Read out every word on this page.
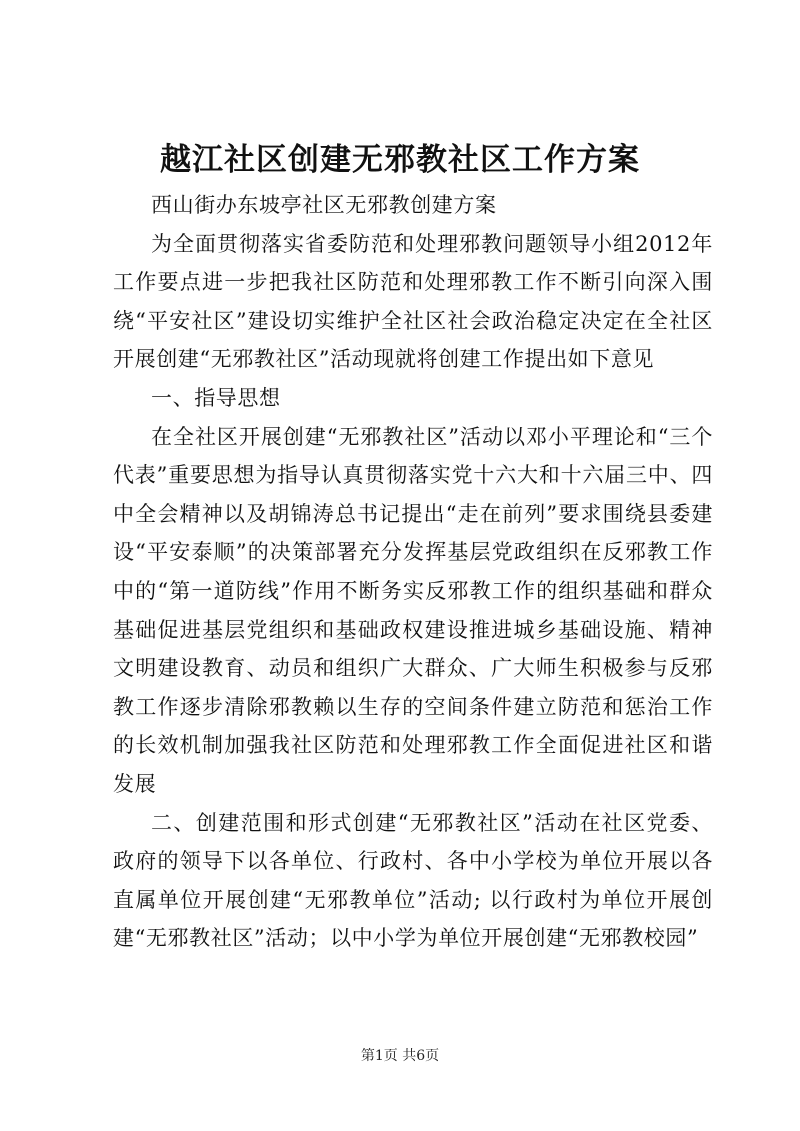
越江社区创建无邪教社区工作方案

西山街办东坡亭社区无邪教创建方案

为全面贯彻落实省委防范和处理邪教问题领导小组2012年工作要点进一步把我社区防范和处理邪教工作不断引向深入围绕“平安社区”建设切实维护全社区社会政治稳定决定在全社区开展创建“无邪教社区”活动现就将创建工作提出如下意见

一、指导思想

在全社区开展创建“无邪教社区”活动以邓小平理论和“三个代表”重要思想为指导认真贯彻落实党十六大和十六届三中、四中全会精神以及胡锦涛总书记提出“走在前列”要求围绕县委建设“平安泰顺”的决策部署充分发挥基层党政组织在反邪教工作中的“第一道防线”作用不断务实反邪教工作的组织基础和群众基础促进基层党组织和基础政权建设推进城乡基础设施、精神文明建设教育、动员和组织广大群众、广大师生积极参与反邪教工作逐步清除邪教赖以生存的空间条件建立防范和惩治工作的长效机制加强我社区防范和处理邪教工作全面促进社区和谐发展

二、创建范围和形式创建“无邪教社区”活动在社区党委、政府的领导下以各单位、行政村、各中小学校为单位开展以各直属单位开展创建“无邪教单位”活动; 以行政村为单位开展创建“无邪教社区”活动；以中小学为单位开展创建“无邪教校园”

第1页 共6页
